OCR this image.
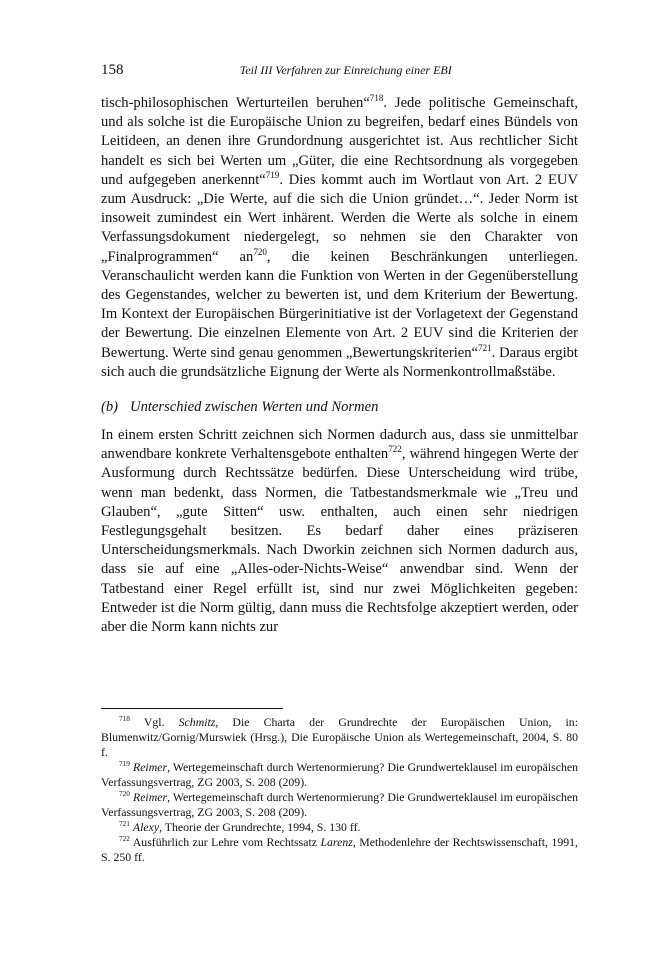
158	Teil III Verfahren zur Einreichung einer EBI

tisch-philosophischen Werturteilen beruhen“$^{718}$. Jede politische Gemeinschaft, und als solche ist die Europäische Union zu begreifen, bedarf eines Bündels von Leitideen, an denen ihre Grundordnung ausgerichtet ist. Aus rechtlicher Sicht handelt es sich bei Werten um „Güter, die eine Rechtsordnung als vorgegeben und aufgegeben anerkennt“$^{719}$. Dies kommt auch im Wortlaut von Art. 2 EUV zum Ausdruck: „Die Werte, auf die sich die Union gründet…“. Jeder Norm ist insoweit zumindest ein Wert inhärent. Werden die Werte als solche in einem Verfassungsdokument niedergelegt, so nehmen sie den Charakter von „Finalprogrammen“ $an^{720}$, die keinen Beschränkungen unterliegen. Veranschaulicht werden kann die Funktion von Werten in der Gegenüberstellung des Gegenstandes, welcher zu bewerten ist, und dem Kriterium der Bewertung. Im Kontext der Europäischen Bürgerinitiative ist der Vorlagetext der Gegenstand der Bewertung. Die einzelnen Elemente von Art. 2 EUV sind die Kriterien der Bewertung. Werte sind genau genommen „Bewertungskriterien“$^{721}$. Daraus ergibt sich auch die grundsätzliche Eignung der Werte als Normenkontrollmaßstäbe.

(b) Unterschied zwischen Werten und Normen

In einem ersten Schritt zeichnen sich Normen dadurch aus, dass sie unmittelbar anwendbare konkrete Verhaltensgebote enthalten$^{722}$, während hingegen Werte der Ausformung durch Rechtssätze bedürfen. Diese Unterscheidung wird trübe, wenn man bedenkt, dass Normen, die Tatbestandsmerkmale wie „Treu und Glauben“, „gute Sitten“ usw. enthalten, auch einen sehr niedrigen Festlegungsgehalt besitzen. Es bedarf daher eines präziseren Unterscheidungsmerkmals. Nach Dworkin zeichnen sich Normen dadurch aus, dass sie auf eine „Alles-oder-Nichts-Weise“ anwendbar sind. Wenn der Tatbestand einer Regel erfüllt ist, sind nur zwei Möglichkeiten gegeben: Entweder ist die Norm gültig, dann muss die Rechtsfolge akzeptiert werden, oder aber die Norm kann nichts zur

$^{718}$ Vgl. Schmitz, Die Charta der Grundrechte der Europäischen Union, in: Blumenwitz/Gornig/Murswiek (Hrsg.), Die Europäische Union als Wertegemeinschaft, 2004, S. 80 f.

$^{719}$ Reimer, Wertegemeinschaft durch Wertenormierung? Die Grundwerteklausel im europäischen Verfassungsvertrag, ZG 2003, S. 208 (209).

$^{720}$ Reimer, Wertegemeinschaft durch Wertenormierung? Die Grundwerteklausel im europäischen Verfassungsvertrag, ZG 2003, S. 208 (209).

$^{721}$ Alexy, Theorie der Grundrechte, 1994, S. 130 ff.

$^{722}$ Ausführlich zur Lehre vom Rechtssatz Larenz, Methodenlehre der Rechtswissenschaft, 1991, S. 250 ff.
